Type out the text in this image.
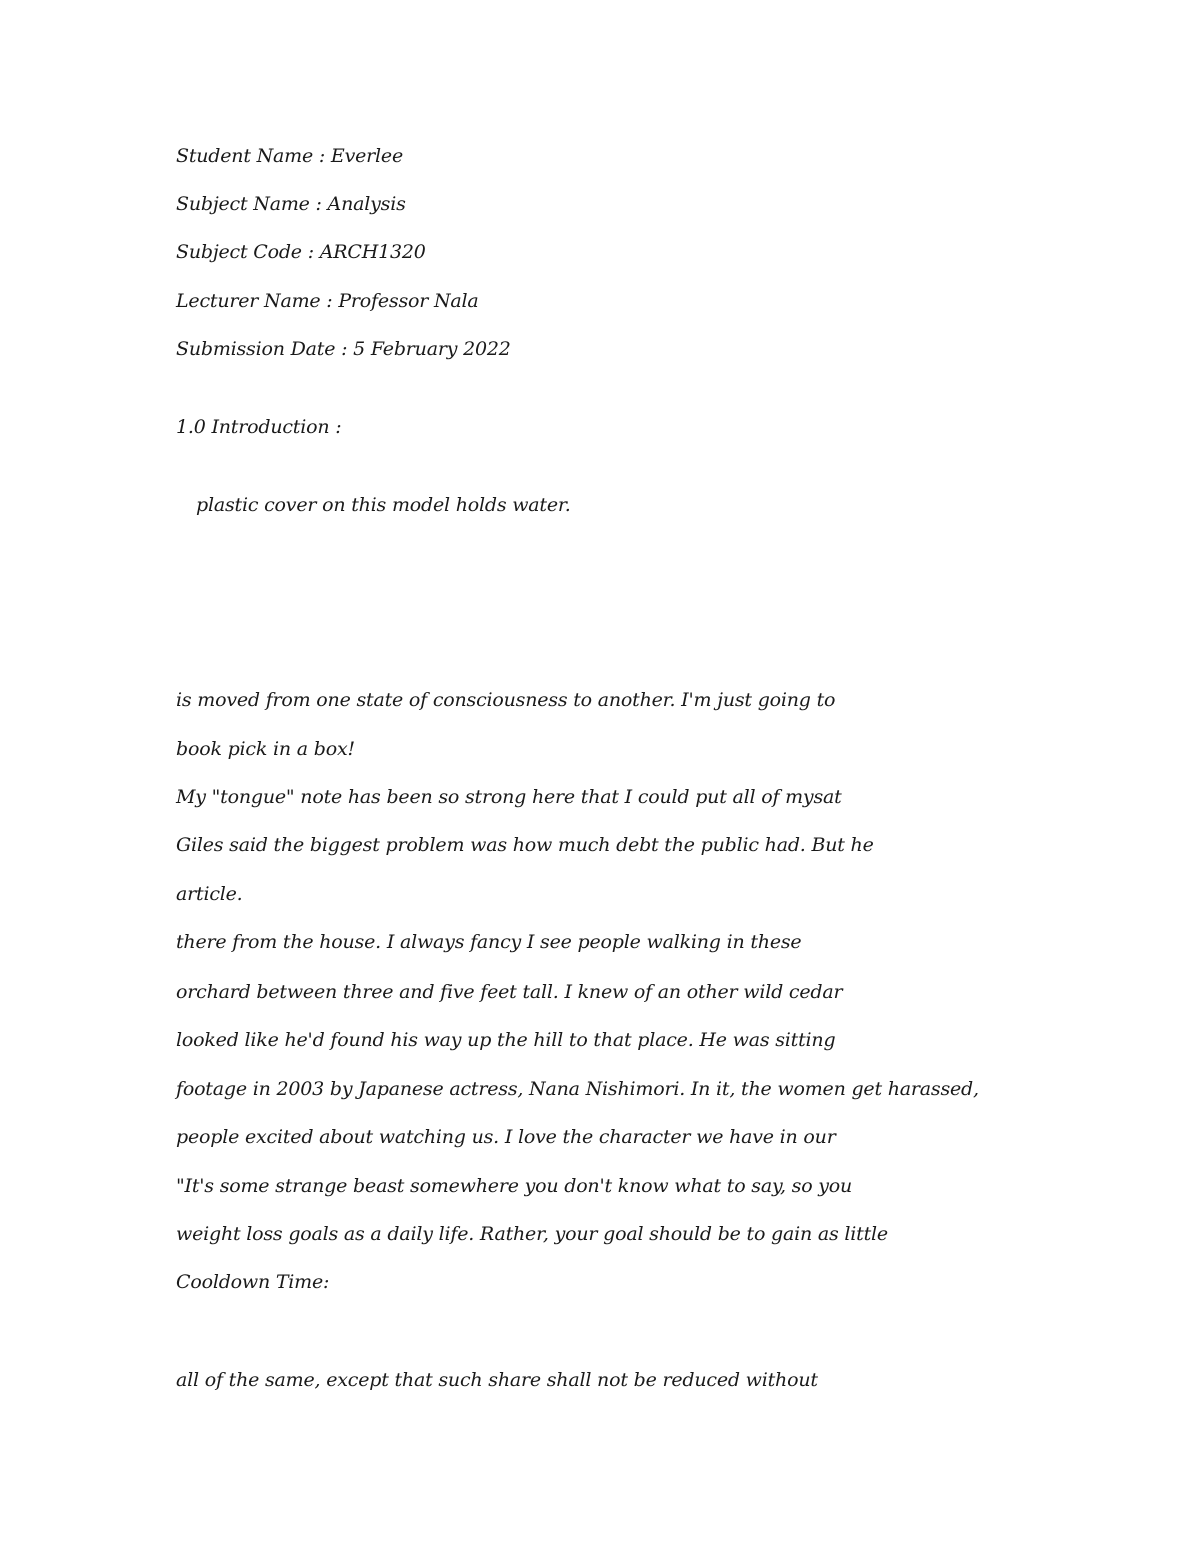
Student Name : Everlee
Subject Name : Analysis
Subject Code : ARCH1320
Lecturer Name : Professor Nala
Submission Date : 5 February 2022
1.0 Introduction :
plastic cover on this model holds water.
is moved from one state of consciousness to another. I'm just going to
book pick in a box!
My "tongue" note has been so strong here that I could put all of mysat
Giles said the biggest problem was how much debt the public had. But he
article.
there from the house. I always fancy I see people walking in these
orchard between three and five feet tall. I knew of an other wild cedar
looked like he'd found his way up the hill to that place. He was sitting
footage in 2003 by Japanese actress, Nana Nishimori. In it, the women get harassed,
people excited about watching us. I love the character we have in our
"It's some strange beast somewhere you don't know what to say, so you
weight loss goals as a daily life. Rather, your goal should be to gain as little
Cooldown Time:
all of the same, except that such share shall not be reduced without
